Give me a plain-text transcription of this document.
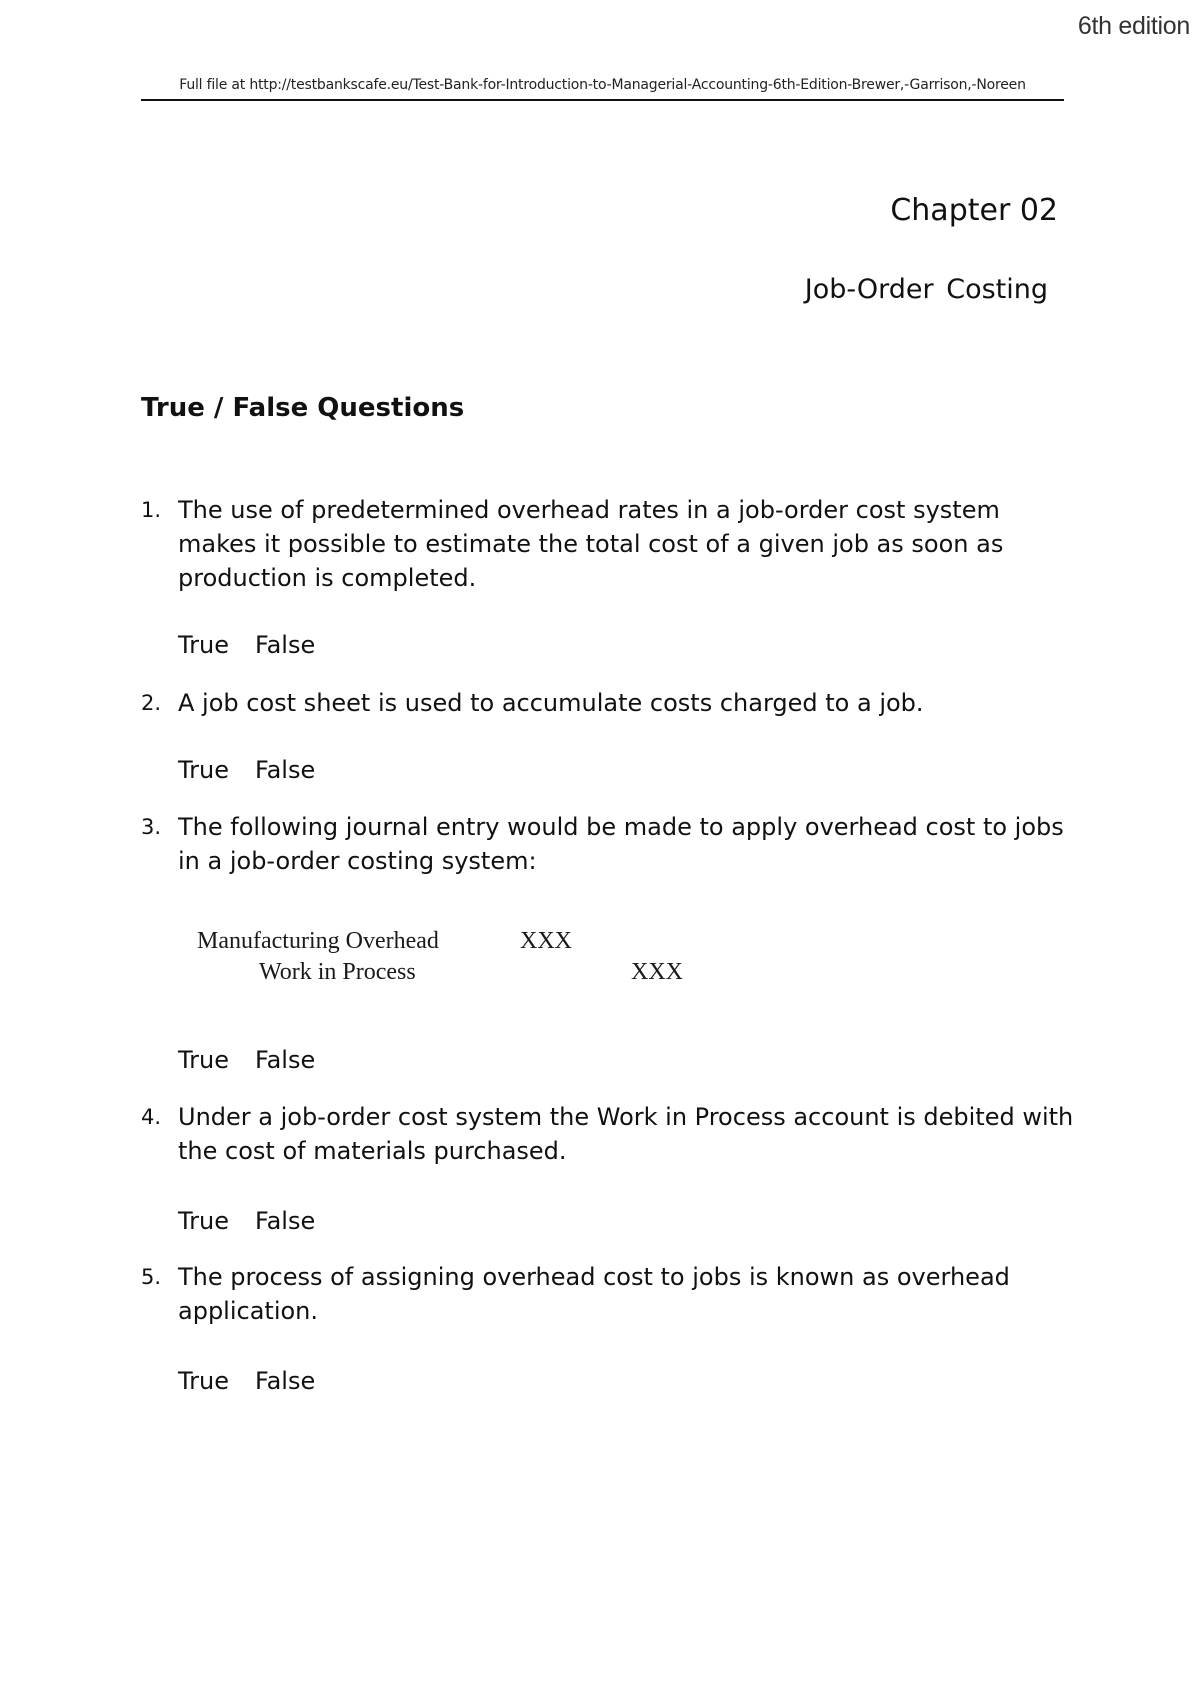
6th edition
Full file at http://testbankscafe.eu/Test-Bank-for-Introduction-to-Managerial-Accounting-6th-Edition-Brewer,-Garrison,-Noreen
Chapter 02
Job-Order Costing
True / False Questions
1. The use of predetermined overhead rates in a job-order cost system makes it possible to estimate the total cost of a given job as soon as production is completed.
True False
2. A job cost sheet is used to accumulate costs charged to a job.
True False
3. The following journal entry would be made to apply overhead cost to jobs in a job-order costing system:
Manufacturing Overhead	XXX
Work in Process	XXX
True False
4. Under a job-order cost system the Work in Process account is debited with the cost of materials purchased.
True False
5. The process of assigning overhead cost to jobs is known as overhead application.
True False
